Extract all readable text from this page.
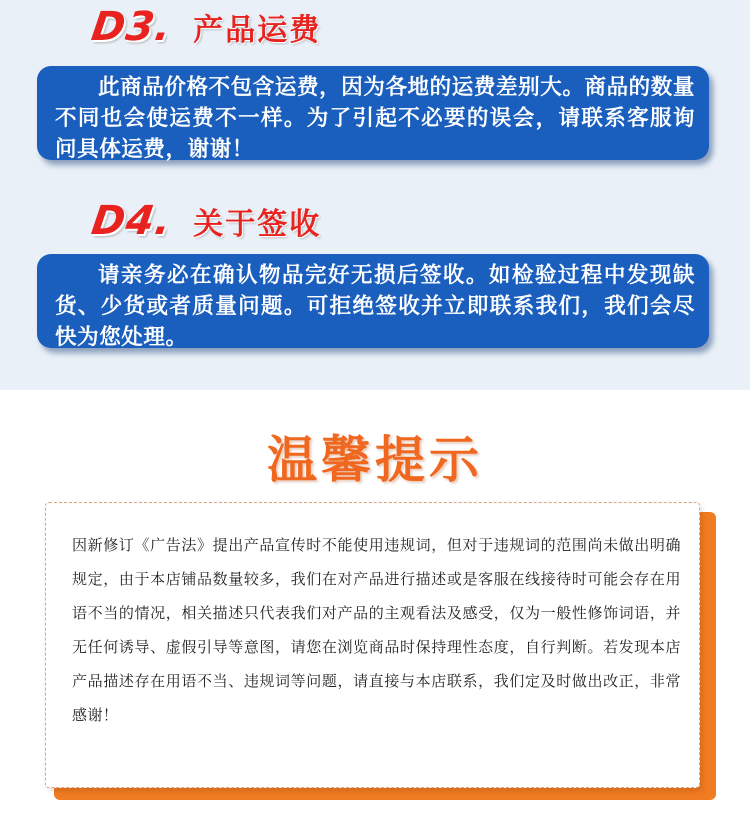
D3. 产品运费

此商品价格不包含运费，因为各地的运费差别大。商品的数量不同也会使运费不一样。为了引起不必要的误会，请联系客服询问具体运费，谢谢！

D4. 关于签收

请亲务必在确认物品完好无损后签收。如检验过程中发现缺货、少货或者质量问题。可拒绝签收并立即联系我们，我们会尽快为您处理。

温馨提示

因新修订《广告法》提出产品宣传时不能使用违规词，但对于违规词的范围尚未做出明确规定，由于本店铺品数量较多，我们在对产品进行描述或是客服在线接待时可能会存在用语不当的情况，相关描述只代表我们对产品的主观看法及感受，仅为一般性修饰词语，并无任何诱导、虚假引导等意图，请您在浏览商品时保持理性态度，自行判断。若发现本店产品描述存在用语不当、违规词等问题，请直接与本店联系，我们定及时做出改正，非常感谢！
